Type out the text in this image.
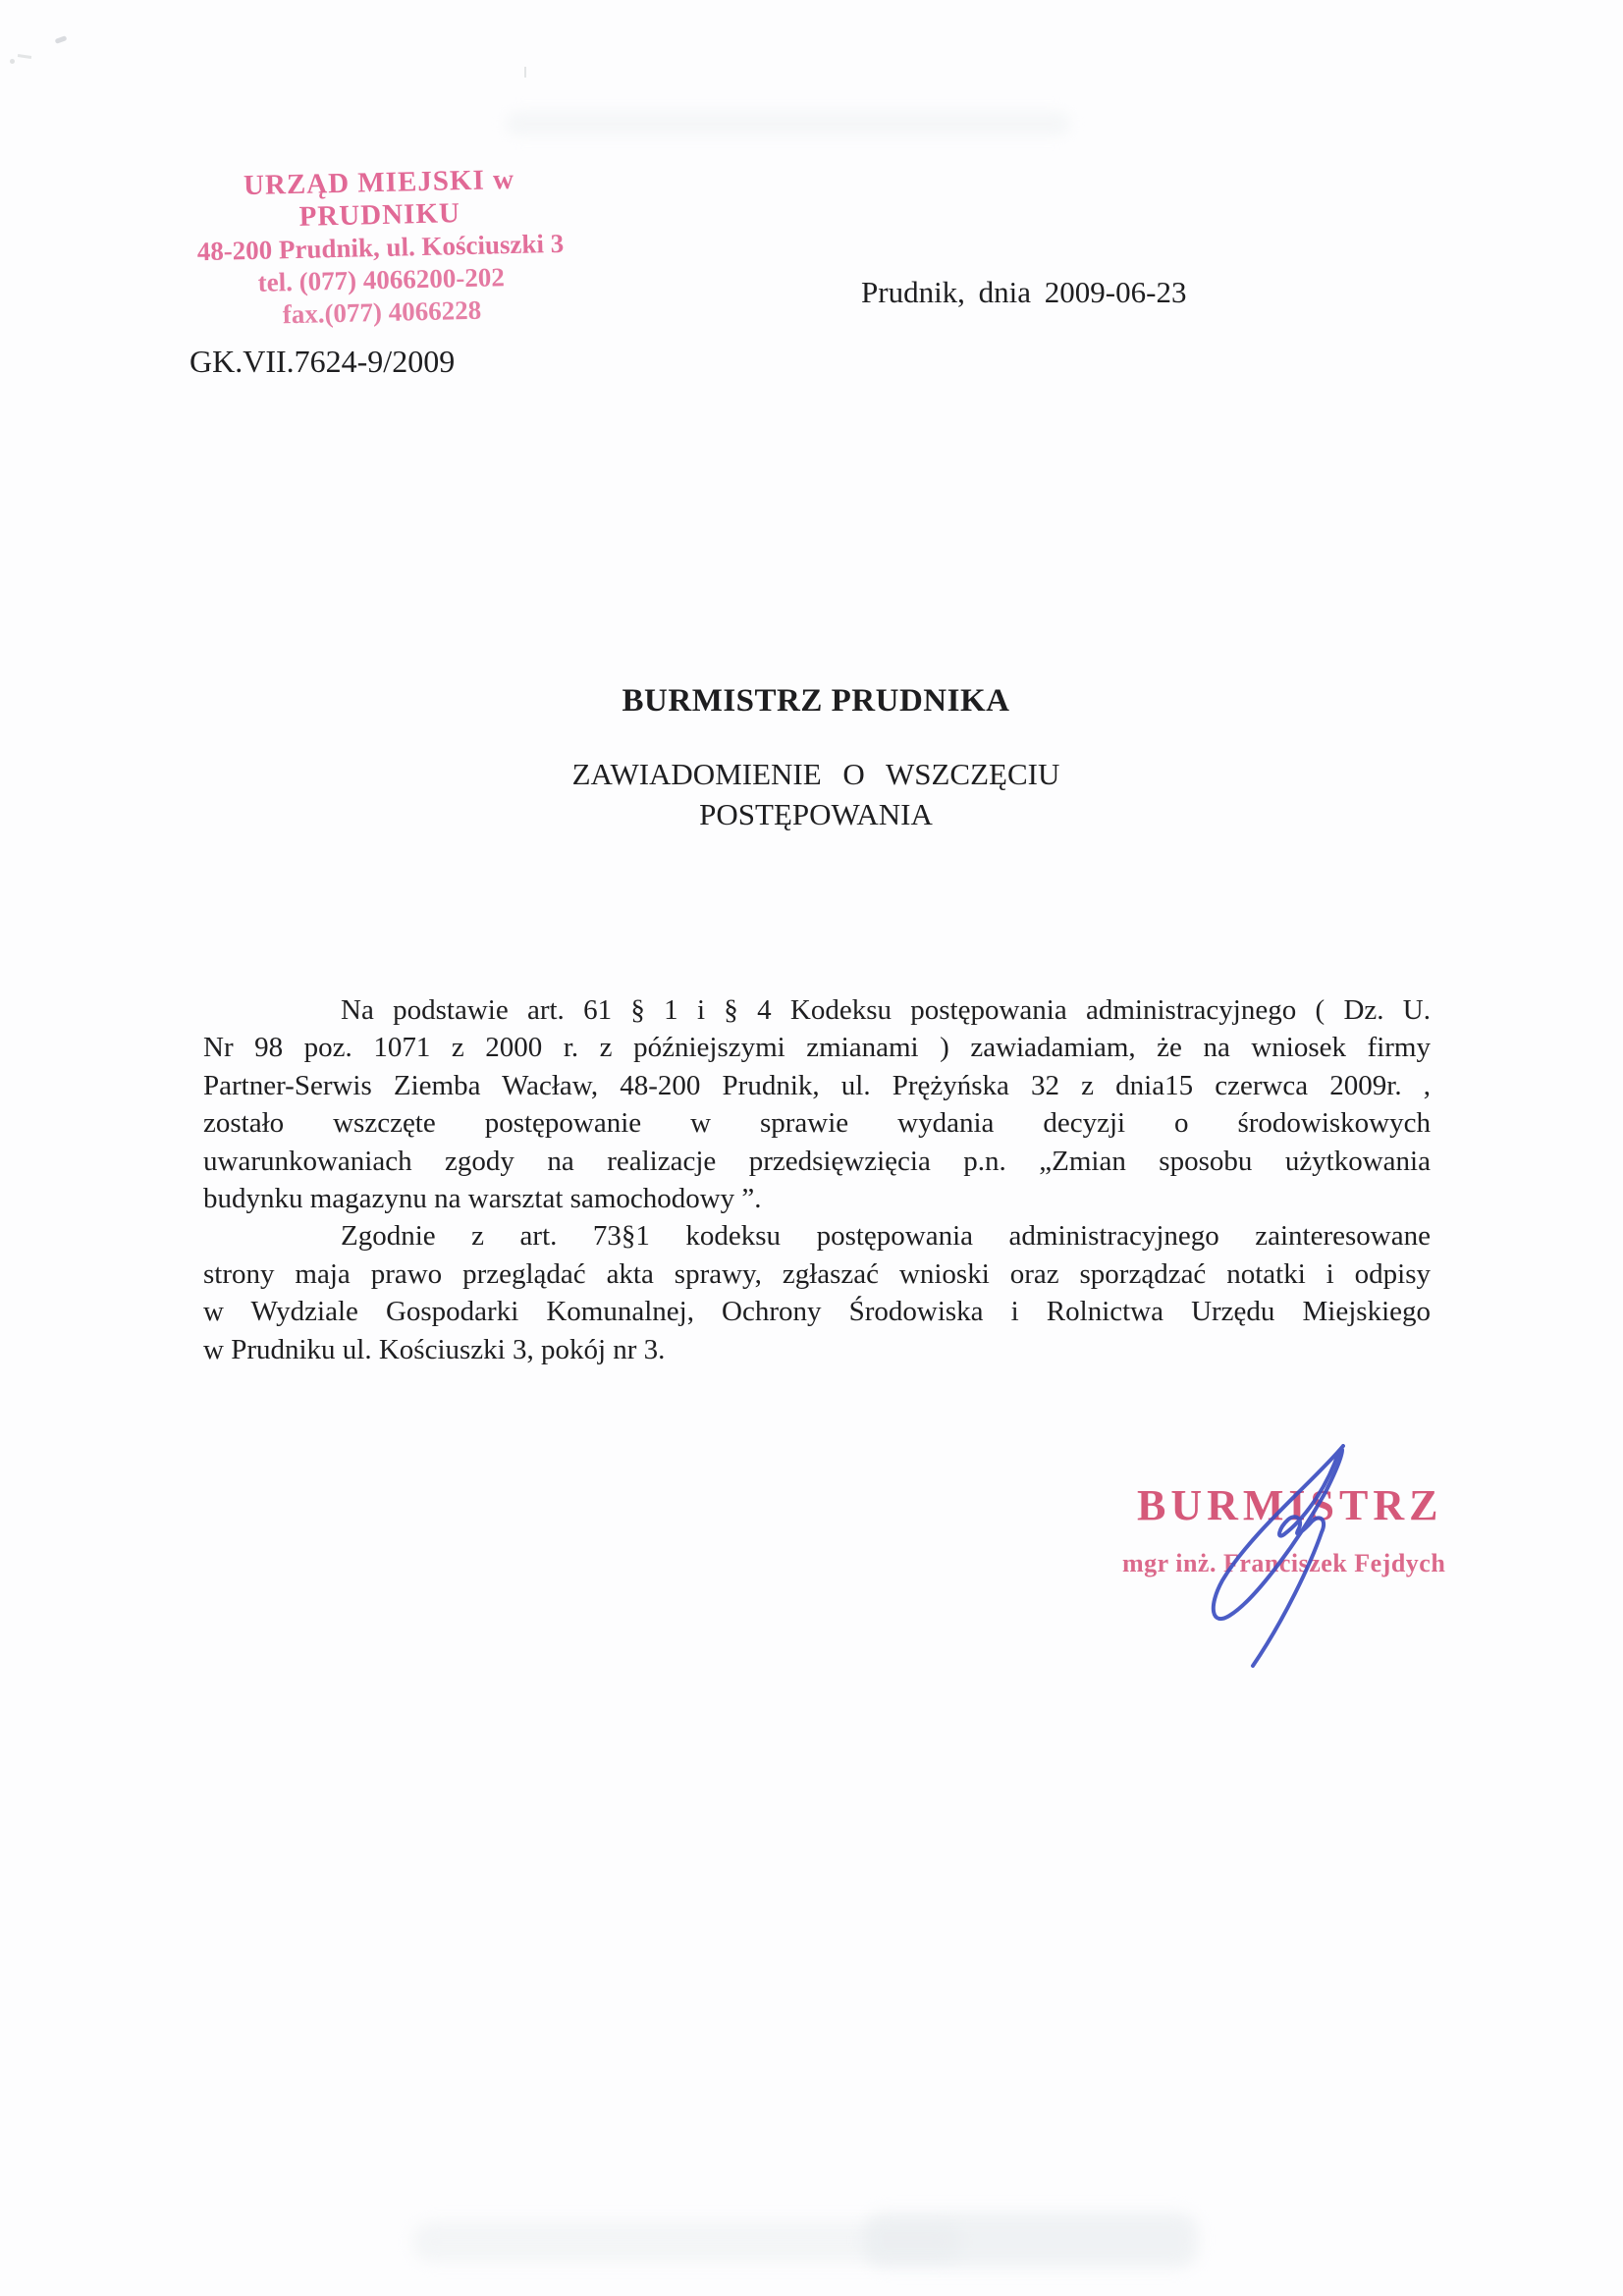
URZĄD MIEJSKI w PRUDNIKU
48-200 Prudnik, ul. Kościuszki 3
tel. (077) 4066200-202
fax.(077) 4066228
Prudnik, dnia 2009-06-23
GK.VII.7624-9/2009
BURMISTRZ PRUDNIKA
ZAWIADOMIENIE O WSZCZĘCIU
POSTĘPOWANIA
Na podstawie art. 61 § 1 i § 4 Kodeksu postępowania administracyjnego ( Dz. U.
Nr 98 poz. 1071 z 2000 r. z późniejszymi zmianami ) zawiadamiam, że na wniosek firmy
Partner-Serwis Ziemba Wacław, 48-200 Prudnik, ul. Prężyńska 32 z dnia15 czerwca 2009r. ,
zostało wszczęte postępowanie w sprawie wydania decyzji o środowiskowych
uwarunkowaniach zgody na realizacje przedsięwzięcia p.n. „Zmian sposobu użytkowania
budynku magazynu na warsztat samochodowy ”.
Zgodnie z art. 73§1 kodeksu postępowania administracyjnego zainteresowane
strony maja prawo przeglądać akta sprawy, zgłaszać wnioski oraz sporządzać notatki i odpisy
w Wydziale Gospodarki Komunalnej, Ochrony Środowiska i Rolnictwa Urzędu Miejskiego
w Prudniku ul. Kościuszki 3, pokój nr 3.
BURMISTRZ
mgr inż. Franciszek Fejdych
